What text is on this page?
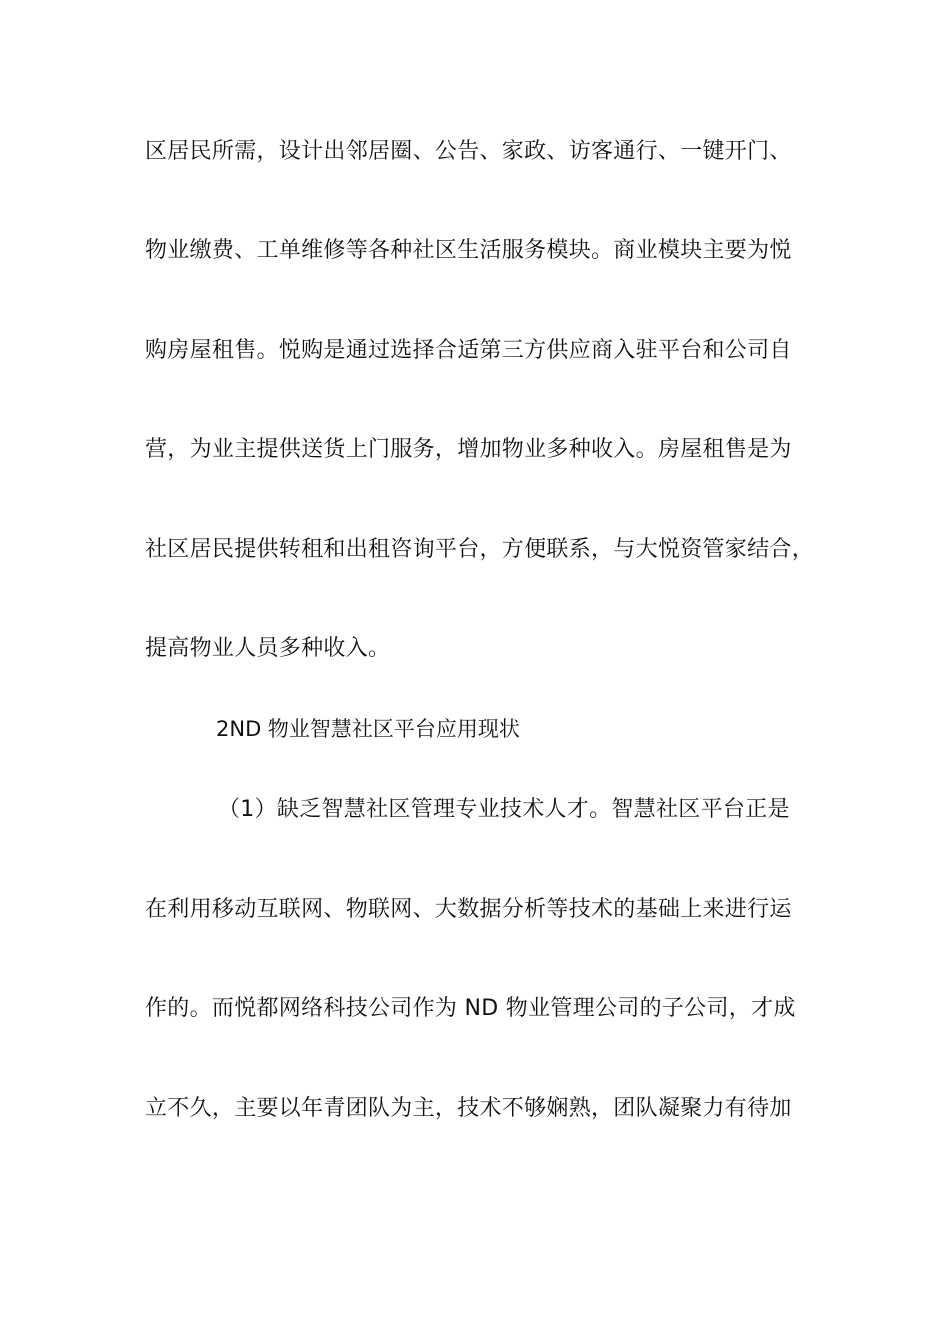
区居民所需，设计出邻居圈、公告、家政、访客通行、一键开门、
物业缴费、工单维修等各种社区生活服务模块。商业模块主要为悦
购房屋租售。悦购是通过选择合适第三方供应商入驻平台和公司自
营，为业主提供送货上门服务，增加物业多种收入。房屋租售是为
社区居民提供转租和出租咨询平台，方便联系，与大悦资管家结合，
提高物业人员多种收入。
2ND 物业智慧社区平台应用现状
（1）缺乏智慧社区管理专业技术人才。智慧社区平台正是
在利用移动互联网、物联网、大数据分析等技术的基础上来进行运
作的。而悦都网络科技公司作为 ND 物业管理公司的子公司，才成
立不久，主要以年青团队为主，技术不够娴熟，团队凝聚力有待加
